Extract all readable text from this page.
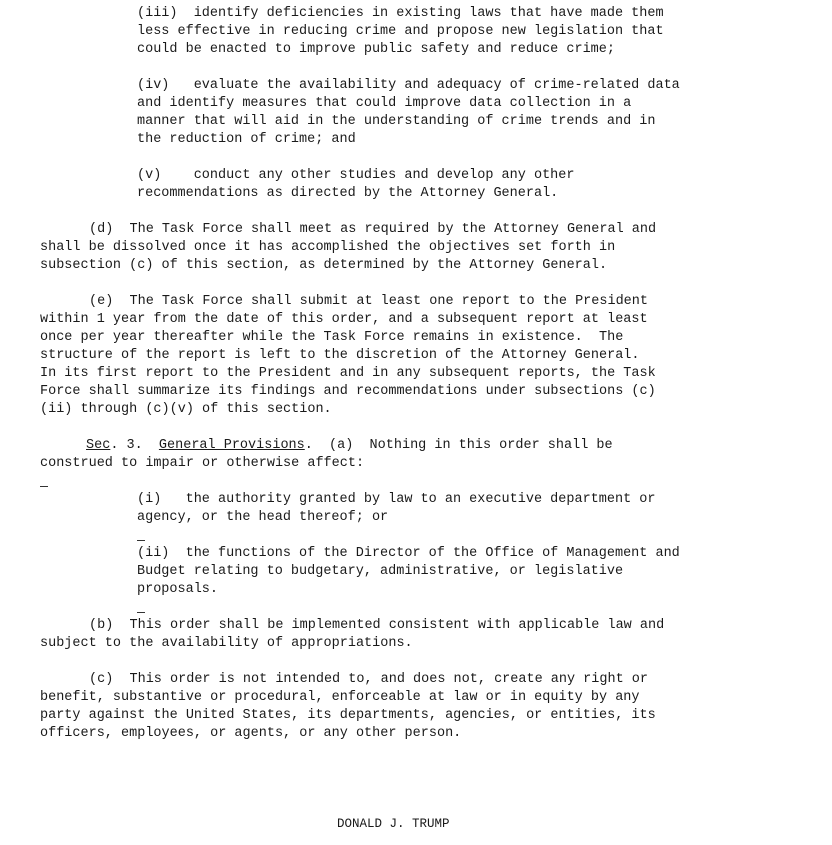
(iii)  identify deficiencies in existing laws that have made them

less effective in reducing crime and propose new legislation that

could be enacted to improve public safety and reduce crime;

(iv)   evaluate the availability and adequacy of crime-related data

and identify measures that could improve data collection in a

manner that will aid in the understanding of crime trends and in

the reduction of crime; and

(v)    conduct any other studies and develop any other

recommendations as directed by the Attorney General.

(d)  The Task Force shall meet as required by the Attorney General and

shall be dissolved once it has accomplished the objectives set forth in

subsection (c) of this section, as determined by the Attorney General.

(e)  The Task Force shall submit at least one report to the President

within 1 year from the date of this order, and a subsequent report at least

once per year thereafter while the Task Force remains in existence.  The

structure of the report is left to the discretion of the Attorney General.

In its first report to the President and in any subsequent reports, the Task

Force shall summarize its findings and recommendations under subsections (c)

(ii) through (c)(v) of this section.

Sec. 3. General Provisions.  (a)  Nothing in this order shall be

construed to impair or otherwise affect:

(i)   the authority granted by law to an executive department or

agency, or the head thereof; or

(ii)  the functions of the Director of the Office of Management and

Budget relating to budgetary, administrative, or legislative

proposals.

(b)  This order shall be implemented consistent with applicable law and

subject to the availability of appropriations.

(c)  This order is not intended to, and does not, create any right or

benefit, substantive or procedural, enforceable at law or in equity by any

party against the United States, its departments, agencies, or entities, its

officers, employees, or agents, or any other person.

DONALD J. TRUMP
